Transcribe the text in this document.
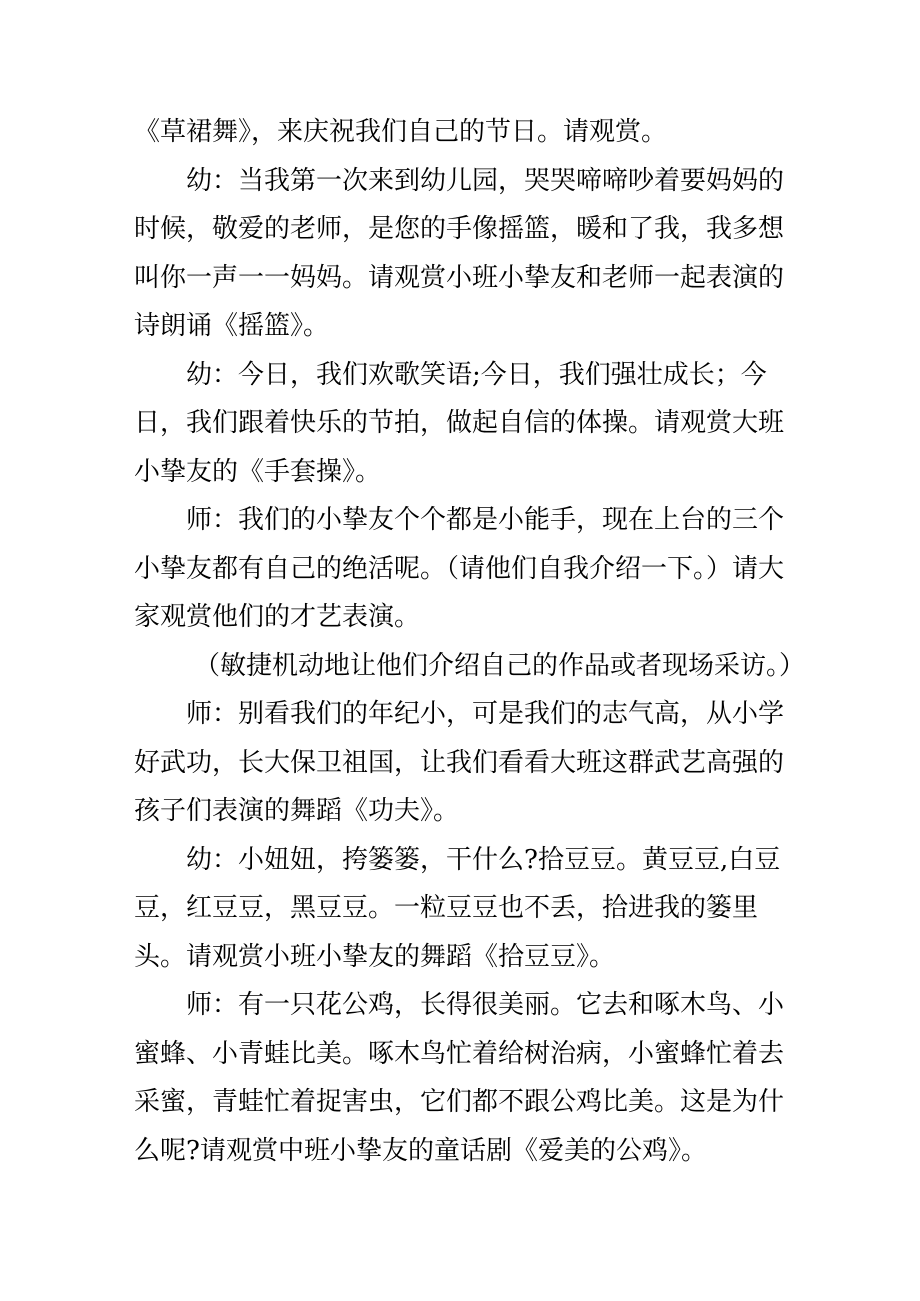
《草裙舞》，来庆祝我们自己的节日。请观赏。

幼：当我第一次来到幼儿园，哭哭啼啼吵着要妈妈的时候，敬爱的老师，是您的手像摇篮，暖和了我，我多想叫你一声一一妈妈。请观赏小班小挚友和老师一起表演的诗朗诵《摇篮》。

幼：今日，我们欢歌笑语;今日，我们强壮成长；今日，我们跟着快乐的节拍，做起自信的体操。请观赏大班小挚友的《手套操》。

师：我们的小挚友个个都是小能手，现在上台的三个小挚友都有自己的绝活呢。（请他们自我介绍一下。）请大家观赏他们的才艺表演。

（敏捷机动地让他们介绍自己的作品或者现场采访。）

师：别看我们的年纪小，可是我们的志气高，从小学好武功，长大保卫祖国，让我们看看大班这群武艺高强的孩子们表演的舞蹈《功夫》。

幼：小妞妞，挎篓篓，干什么?拾豆豆。黄豆豆,白豆豆，红豆豆，黑豆豆。一粒豆豆也不丢，拾进我的篓里头。请观赏小班小挚友的舞蹈《拾豆豆》。

师：有一只花公鸡，长得很美丽。它去和啄木鸟、小蜜蜂、小青蛙比美。啄木鸟忙着给树治病，小蜜蜂忙着去采蜜，青蛙忙着捉害虫，它们都不跟公鸡比美。这是为什么呢?请观赏中班小挚友的童话剧《爱美的公鸡》。
